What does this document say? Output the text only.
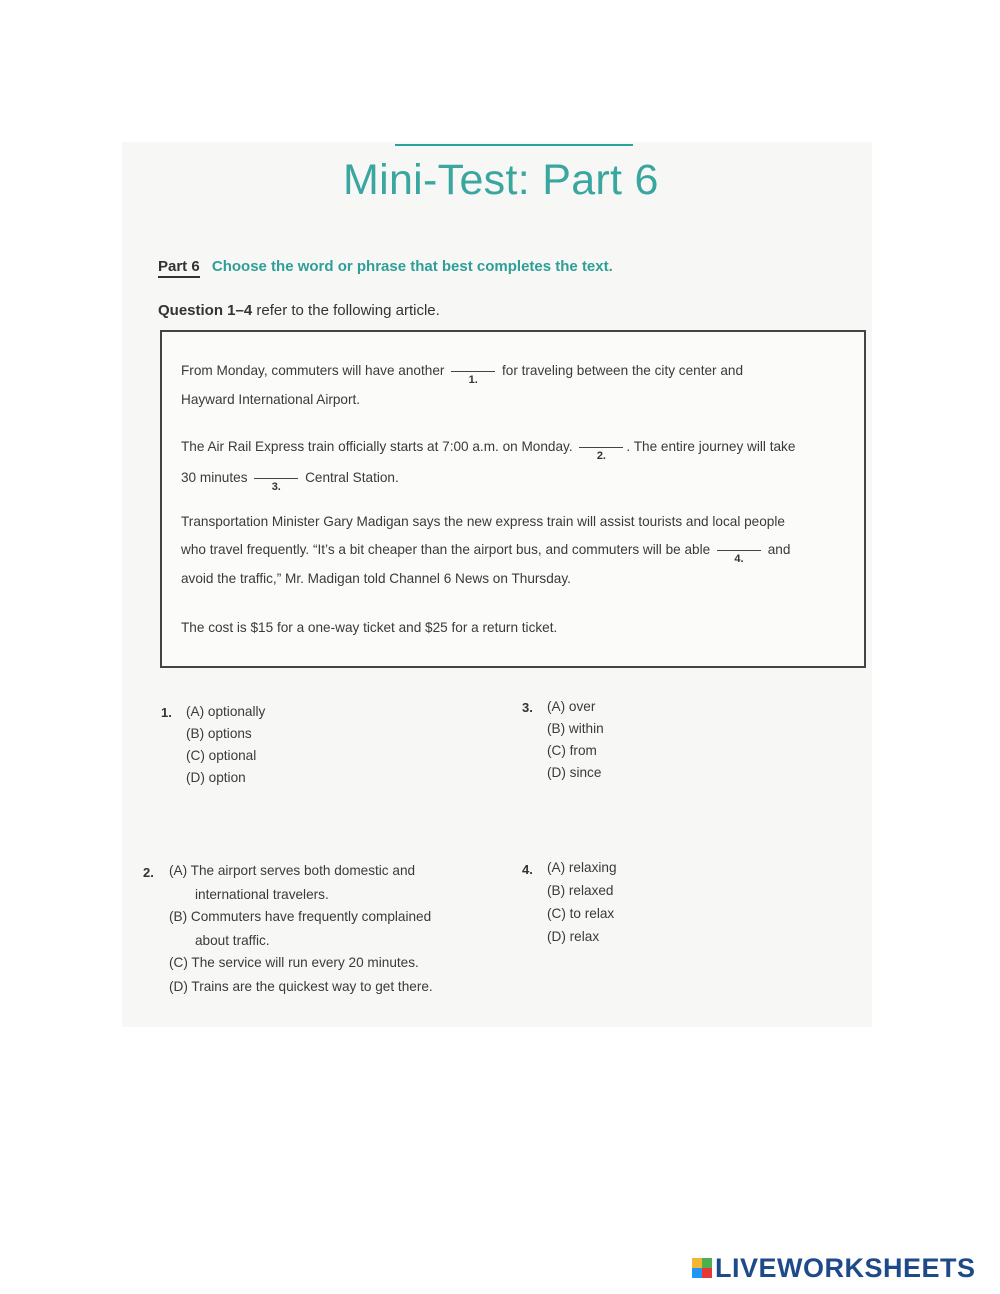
Mini-Test: Part 6
Part 6 Choose the word or phrase that best completes the text.
Question 1–4 refer to the following article.
From Monday, commuters will have another
1.
for traveling between the city center and
Hayward International Airport.
The Air Rail Express train officially starts at 7:00 a.m. on Monday.
2.
. The entire journey will take
30 minutes
3.
Central Station.
Transportation Minister Gary Madigan says the new express train will assist tourists and local people
who travel frequently. “It’s a bit cheaper than the airport bus, and commuters will be able
4.
and
avoid the traffic,” Mr. Madigan told Channel 6 News on Thursday.
The cost is $15 for a one-way ticket and $25 for a return ticket.
1. (A) optionally
(B) options
(C) optional
(D) option
3. (A) over
(B) within
(C) from
(D) since
2. (A) The airport serves both domestic and
international travelers.
(B) Commuters have frequently complained
about traffic.
(C) The service will run every 20 minutes.
(D) Trains are the quickest way to get there.
4. (A) relaxing
(B) relaxed
(C) to relax
(D) relax
LIVEWORKSHEETS
